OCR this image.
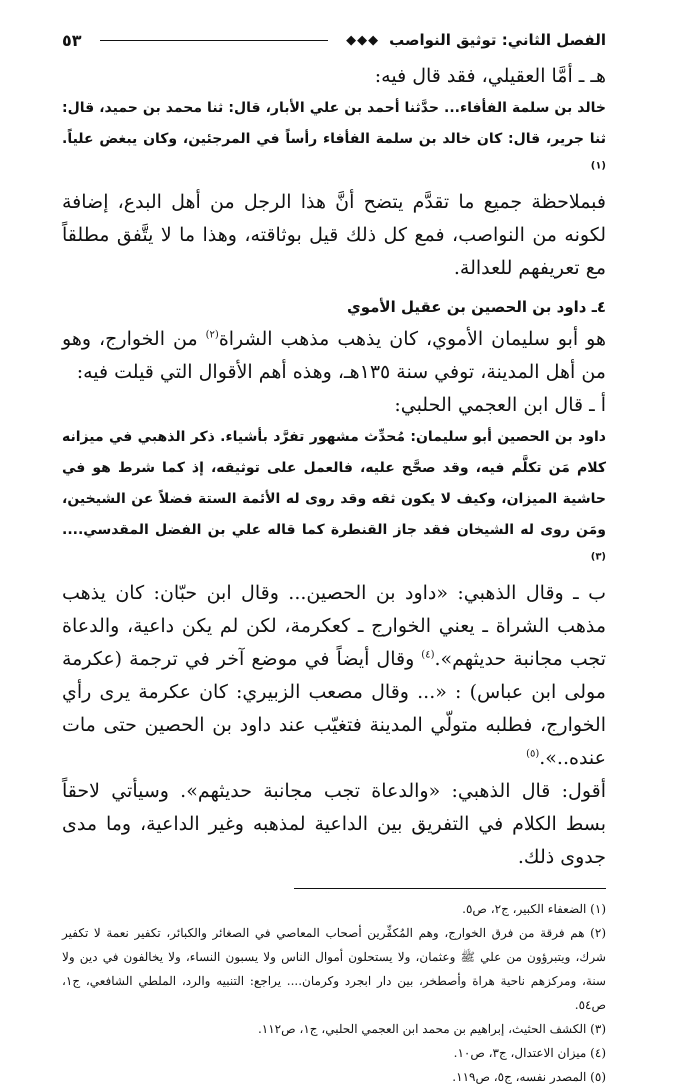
الفصل الثاني: توثيق النواصب
◆◆◆
٥٣

هـ ـ أمَّا العقيلي، فقد قال فيه:

خالد بن سلمة الفأفاء... حدَّثنا أحمد بن علي الأبار، قال: ثنا محمد بن حميد، قال: ثنا جرير، قال: كان خالد بن سلمة الفأفاء رأساً في المرجئين، وكان يبغض علياً. $^{(١)}$

فبملاحظة جميع ما تقدَّم يتضح أنَّ هذا الرجل من أهل البدع، إضافة لكونه من النواصب، فمع كل ذلك قيل بوثاقته، وهذا ما لا يتَّفق مطلقاً مع تعريفهم للعدالة.

٤ـ داود بن الحصين بن عقيل الأموي

هو أبو سليمان الأموي، كان يذهب مذهب الشراة$^{(٢)}$ من الخوارج، وهو من أهل المدينة، توفي سنة ١٣٥هـ، وهذه أهم الأقوال التي قيلت فيه:

أ ـ قال ابن العجمي الحلبي:

داود بن الحصين أبو سليمان: مُحدِّث مشهور تفرَّد بأشياء. ذكر الذهبي في ميزانه كلام مَن تكلَّم فيه، وقد صحَّح عليه، فالعمل على توثيقه، إذ كما شرط هو في حاشية الميزان، وكيف لا يكون ثقه وقد روى له الأئمة الستة فضلاً عن الشيخين، ومَن روى له الشيخان فقد جاز القنطرة كما قاله علي بن الفضل المقدسي.... $^{(٣)}$

ب ـ وقال الذهبي: «داود بن الحصين... وقال ابن حبّان: كان يذهب مذهب الشراة ـ يعني الخوارج ـ كعكرمة، لكن لم يكن داعية، والدعاة تجب مجانبة حديثهم».$^{(٤)}$ وقال أيضاً في موضع آخر في ترجمة (عكرمة مولى ابن عباس) : «... وقال مصعب الزبيري: كان عكرمة يرى رأي الخوارج، فطلبه متولّي المدينة فتغيّب عند داود بن الحصين حتى مات عنده..».$^{(٥)}$

أقول: قال الذهبي: «والدعاة تجب مجانبة حديثهم». وسيأتي لاحقاً بسط الكلام في التفريق بين الداعية لمذهبه وغير الداعية، وما مدى جدوى ذلك.

(١) الضعفاء الكبير، ج٢، ص٥.

(٢) هم فرقة من فرق الخوارج، وهم المُكفِّرين أصحاب المعاصي في الصغائر والكبائر، تكفير نعمة لا تكفير شرك، ويتبرؤون من علي ﷺ وعثمان، ولا يستحلون أموال الناس ولا يسبون النساء، ولا يخالفون في دين ولا سنة، ومركزهم ناحية هراة وأصطخر، بين دار ابجرد وكرمان.... يراجع: التنبيه والرد، الملطي الشافعي، ج١، ص٥٤.

(٣) الكشف الحثيث، إبراهيم بن محمد ابن العجمي الحلبي، ج١، ص١١٢.

(٤) ميزان الاعتدال، ج٣، ص١٠.

(٥) المصدر نفسه، ج٥، ص١١٩.
